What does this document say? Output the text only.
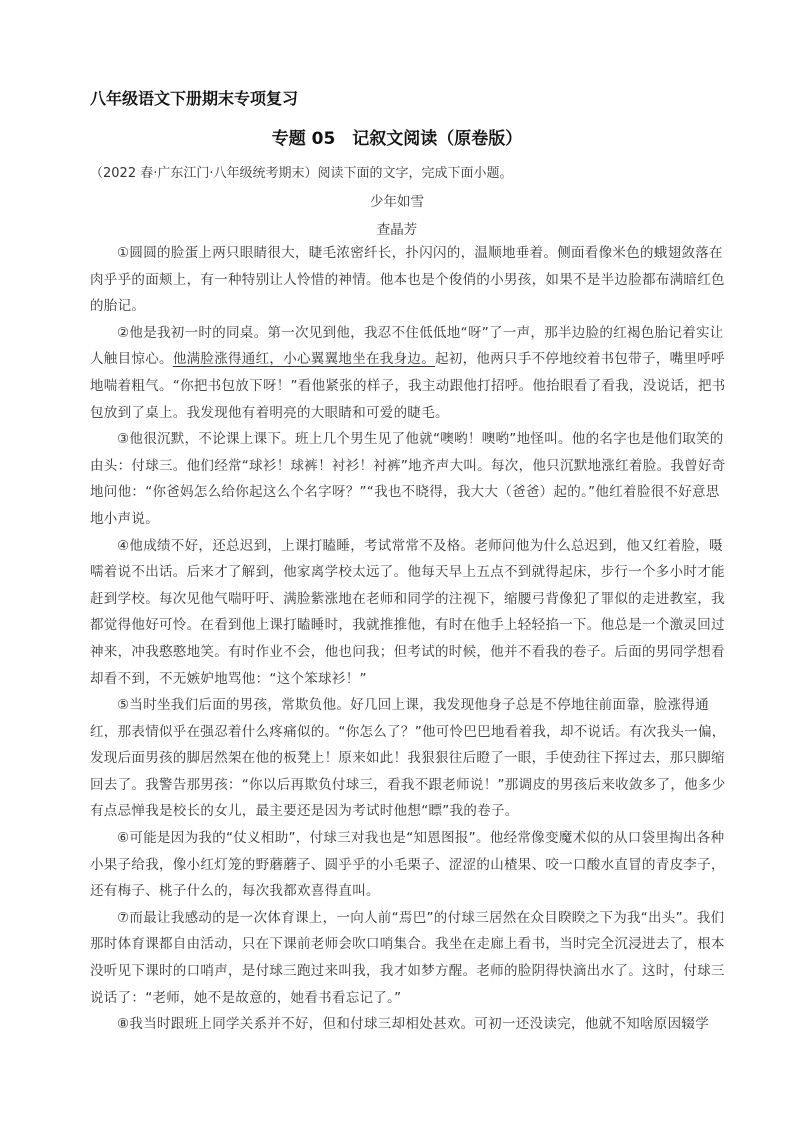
八年级语文下册期末专项复习
专题 05　记叙文阅读（原卷版）
（2022 春·广东江门·八年级统考期末）阅读下面的文字，完成下面小题。
少年如雪
查晶芳

①圆圆的脸蛋上两只眼睛很大，睫毛浓密纤长，扑闪闪的，温顺地垂着。侧面看像米色的蛾翅敛落在肉乎乎的面颊上，有一种特别让人怜惜的神情。他本也是个俊俏的小男孩，如果不是半边脸都布满暗红色的胎记。

②他是我初一时的同桌。第一次见到他，我忍不住低低地“呀”了一声，那半边脸的红褐色胎记着实让人触目惊心。他满脸涨得通红，小心翼翼地坐在我身边。起初，他两只手不停地绞着书包带子，嘴里呼呼地喘着粗气。“你把书包放下呀！”看他紧张的样子，我主动跟他打招呼。他抬眼看了看我，没说话，把书包放到了桌上。我发现他有着明亮的大眼睛和可爱的睫毛。

③他很沉默，不论课上课下。班上几个男生见了他就“噢哟！噢哟”地怪叫。他的名字也是他们取笑的由头：付球三。他们经常“球衫！球裤！衬衫！衬裤”地齐声大叫。每次，他只沉默地涨红着脸。我曾好奇地问他：“你爸妈怎么给你起这么个名字呀？”“我也不晓得，我大大（爸爸）起的。”他红着脸很不好意思地小声说。

④他成绩不好，还总迟到，上课打瞌睡，考试常常不及格。老师问他为什么总迟到，他又红着脸，嗫嚅着说不出话。后来才了解到，他家离学校太远了。他每天早上五点不到就得起床，步行一个多小时才能赶到学校。每次见他气喘吁吁、满脸紫涨地在老师和同学的注视下，缩腰弓背像犯了罪似的走进教室，我都觉得他好可怜。在看到他上课打瞌睡时，我就推推他，有时在他手上轻轻掐一下。他总是一个激灵回过神来，冲我憨憨地笑。有时作业不会，他也问我；但考试的时候，他并不看我的卷子。后面的男同学想看却看不到，不无嫉妒地骂他：“这个笨球衫！”

⑤当时坐我们后面的男孩，常欺负他。好几回上课，我发现他身子总是不停地往前面靠，脸涨得通红，那表情似乎在强忍着什么疼痛似的。“你怎么了？”他可怜巴巴地看着我，却不说话。有次我头一偏，发现后面男孩的脚居然架在他的板凳上！原来如此！我狠狠往后瞪了一眼，手使劲往下挥过去，那只脚缩回去了。我警告那男孩：“你以后再欺负付球三，看我不跟老师说！”那调皮的男孩后来收敛多了，他多少有点忌惮我是校长的女儿，最主要还是因为考试时他想“瞟”我的卷子。

⑥可能是因为我的“仗义相助”，付球三对我也是“知恩图报”。他经常像变魔术似的从口袋里掏出各种小果子给我，像小红灯笼的野蘑蘑子、圆乎乎的小毛栗子、涩涩的山楂果、咬一口酸水直冒的青皮李子，还有梅子、桃子什么的，每次我都欢喜得直叫。

⑦而最让我感动的是一次体育课上，一向人前“焉巴”的付球三居然在众目睽睽之下为我“出头”。我们那时体育课都自由活动，只在下课前老师会吹口哨集合。我坐在走廊上看书，当时完全沉浸进去了，根本没听见下课时的口哨声，是付球三跑过来叫我，我才如梦方醒。老师的脸阴得快滴出水了。这时，付球三说话了：“老师，她不是故意的，她看书看忘记了。”

⑧我当时跟班上同学关系并不好，但和付球三却相处甚欢。可初一还没读完，他就不知啥原因辍学
